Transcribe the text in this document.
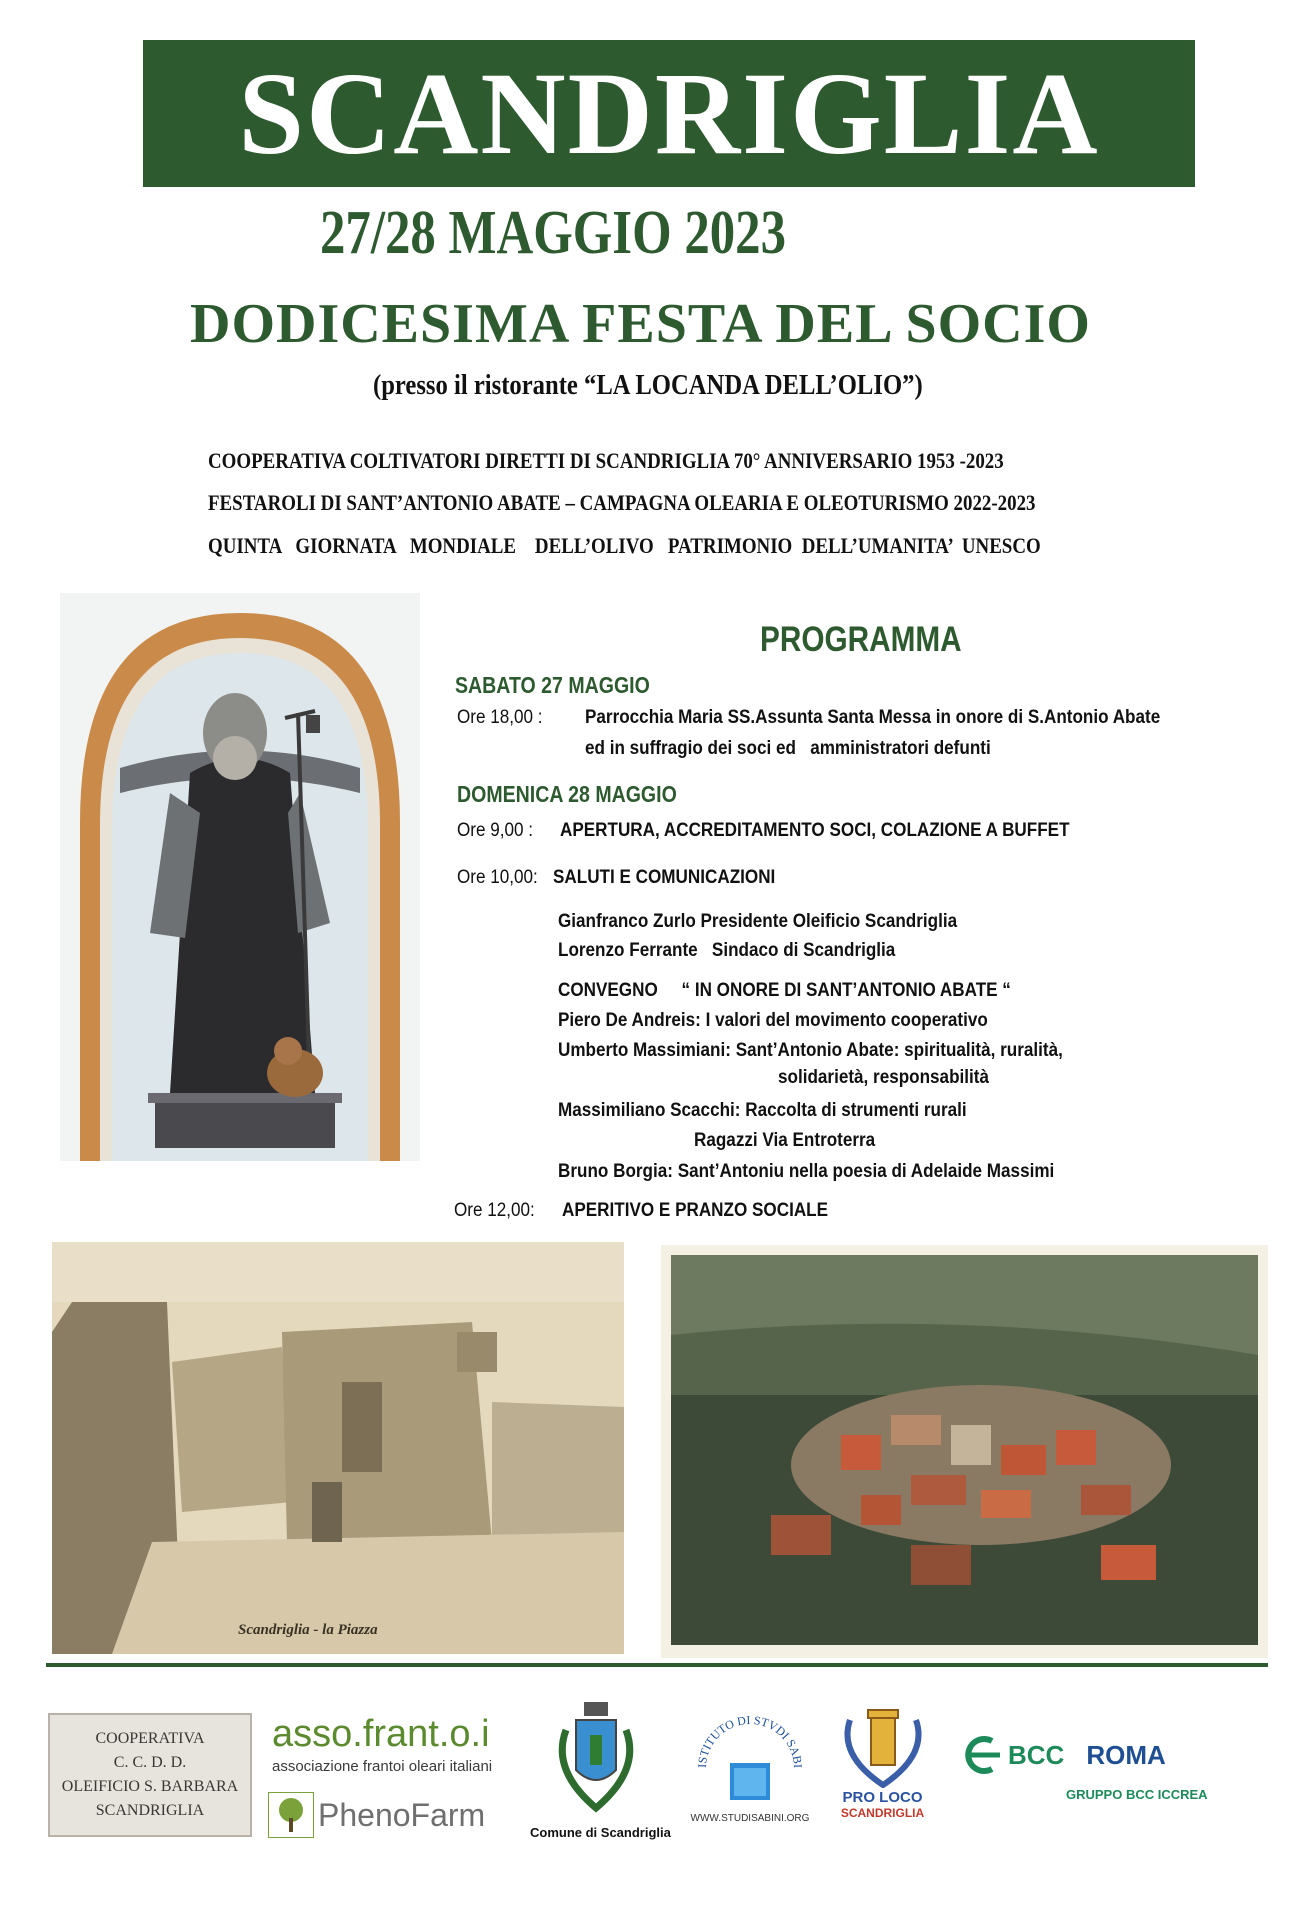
SCANDRIGLIA
27/28 MAGGIO 2023
DODICESIMA FESTA DEL SOCIO
(presso il ristorante “LA LOCANDA DELL’OLIO”)
COOPERATIVA COLTIVATORI DIRETTI DI SCANDRIGLIA 70° ANNIVERSARIO 1953 -2023
FESTAROLI DI SANT’ANTONIO ABATE – CAMPAGNA OLEARIA E OLEOTURISMO 2022-2023
QUINTA   GIORNATA   MONDIALE    DELL’OLIVO   PATRIMONIO  DELL’UMANITA’  UNESCO
PROGRAMMA
SABATO 27 MAGGIO
Ore 18,00 : Parrocchia Maria SS.Assunta Santa Messa in onore di S.Antonio Abate
ed in suffragio dei soci ed   amministratori defunti
DOMENICA 28 MAGGIO
Ore 9,00 : APERTURA, ACCREDITAMENTO SOCI, COLAZIONE A BUFFET
Ore 10,00: SALUTI E COMUNICAZIONI
Gianfranco Zurlo Presidente Oleificio Scandriglia
Lorenzo Ferrante   Sindaco di Scandriglia
CONVEGNO     “ IN ONORE DI SANT’ANTONIO ABATE “
Piero De Andreis: I valori del movimento cooperativo
Umberto Massimiani: Sant’Antonio Abate: spiritualità, ruralità,
solidarietà, responsabilità
Massimiliano Scacchi: Raccolta di strumenti rurali
Ragazzi Via Entroterra
Bruno Borgia: Sant’Antoniu nella poesia di Adelaide Massimi
Ore 12,00: APERITIVO E PRANZO SOCIALE
Scandriglia - la Piazza
COOPERATIVA
C. C. D. D.
OLEIFICIO S. BARBARA
SCANDRIGLIA
asso.frant.o.i
associazione frantoi oleari italiani
PhenoFarm	Comune di Scandriglia
ISTITUTO DI STVDI SABI
WWW.STUDISABINI.ORG
PRO LOCO
SCANDRIGLIA
BCC ROMA
GRUPPO BCC ICCREA
